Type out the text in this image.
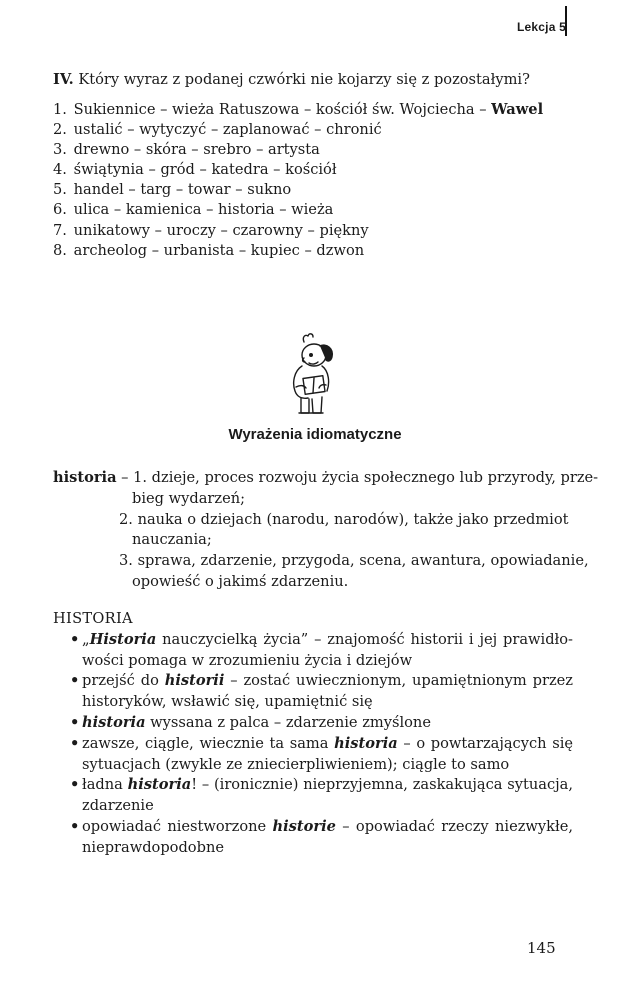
Lekcja 5
IV. Który wyraz z podanej czwórki nie kojarzy się z pozostałymi?
1. Sukiennice – wieża Ratuszowa – kościół św. Wojciecha – Wawel
2. ustalić – wytyczyć – zaplanować – chronić
3. drewno – skóra – srebro – artysta
4. świątynia – gród – katedra – kościół
5. handel – targ – towar – sukno
6. ulica – kamienica – historia – wieża
7. unikatowy – uroczy – czarowny – piękny
8. archeolog – urbanista – kupiec – dzwon
Wyrażenia idiomatyczne
historia – 1. dzieje, proces rozwoju życia społecznego lub przyrody, prze-
bieg wydarzeń;
2. nauka o dziejach (narodu, narodów), także jako przedmiot
nauczania;
3. sprawa, zdarzenie, przygoda, scena, awantura, opowiadanie,
opowieść o jakimś zdarzeniu.
HISTORIA
• „Historia nauczycielką życia” – znajomość historii i jej prawidło-wości pomaga w zrozumieniu życia i dziejów
• przejść do historii – zostać uwiecznionym, upamiętnionym przez historyków, wsławić się, upamiętnić się
• historia wyssana z palca – zdarzenie zmyślone
• zawsze, ciągle, wiecznie ta sama historia – o powtarzających się sytuacjach (zwykle ze zniecierpliwieniem); ciągle to samo
• ładna historia! – (ironicznie) nieprzyjemna, zaskakująca sytuacja, zdarzenie
• opowiadać niestworzone historie – opowiadać rzeczy niezwykłe, nieprawdopodobne
145
